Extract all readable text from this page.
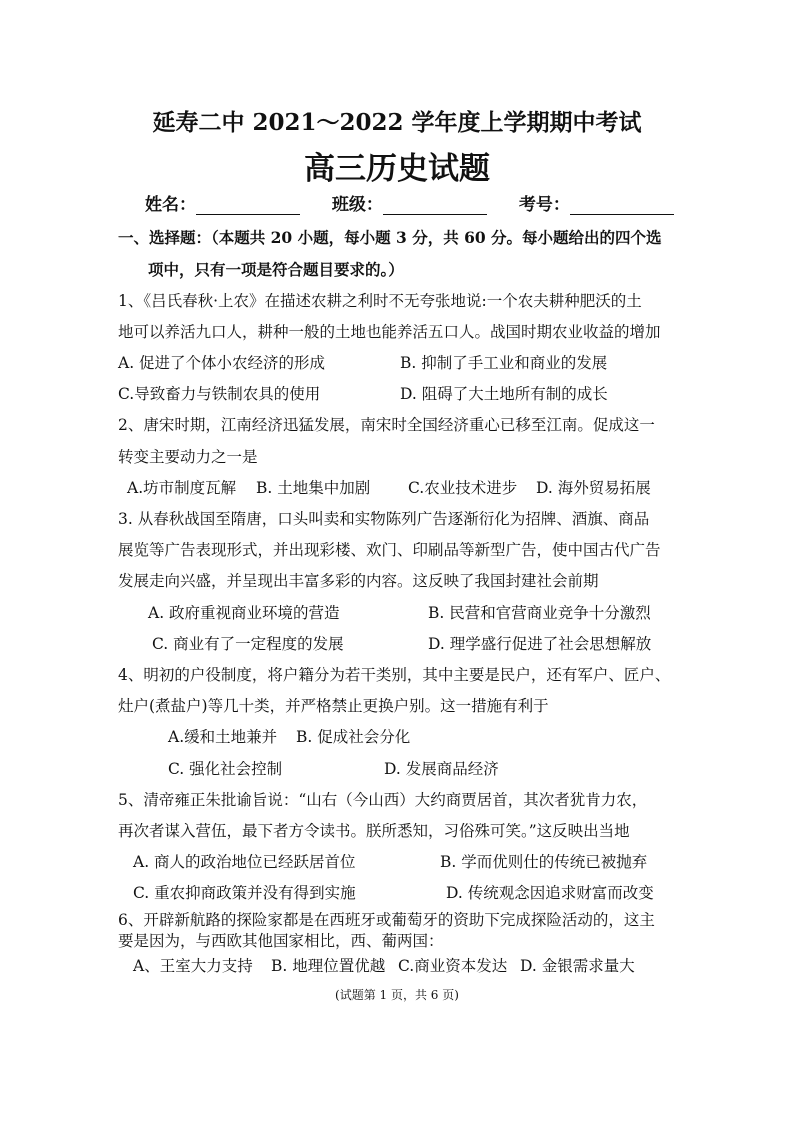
延寿二中 2021～2022 学年度上学期期中考试
高三历史试题
姓名：	班级：	考号：
一、选择题：（本题共 20 小题，每小题 3 分，共 60 分。每小题给出的四个选
项中，只有一项是符合题目要求的。）
1、《吕氏春秋·上农》在描述农耕之利时不无夸张地说:一个农夫耕种肥沃的土
地可以养活九口人，耕种一般的土地也能养活五口人。战国时期农业收益的增加
A. 促进了个体小农经济的形成	B. 抑制了手工业和商业的发展
C.导致畜力与铁制农具的使用	D. 阻碍了大土地所有制的成长
2、唐宋时期，江南经济迅猛发展，南宋时全国经济重心已移至江南。促成这一
转变主要动力之一是
A.坊市制度瓦解 B. 土地集中加剧 C.农业技术进步 D. 海外贸易拓展
3. 从春秋战国至隋唐，口头叫卖和实物陈列广告逐渐衍化为招牌、酒旗、商品
展览等广告表现形式，并出现彩楼、欢门、印刷品等新型广告，使中国古代广告
发展走向兴盛，并呈现出丰富多彩的内容。这反映了我国封建社会前期
A. 政府重视商业环境的营造	B. 民营和官营商业竞争十分激烈
C. 商业有了一定程度的发展	D. 理学盛行促进了社会思想解放
4、明初的户役制度，将户籍分为若干类别，其中主要是民户，还有军户、匠户、
灶户(煮盐户)等几十类，并严格禁止更换户别。这一措施有利于
A.缓和土地兼并 B. 促成社会分化
C. 强化社会控制	D. 发展商品经济
5、清帝雍正朱批谕旨说：“山右（今山西）大约商贾居首，其次者犹肯力农，
再次者谋入营伍，最下者方令读书。朕所悉知，习俗殊可笑。”这反映出当地
A. 商人的政治地位已经跃居首位	B. 学而优则仕的传统已被抛弃
C. 重农抑商政策并没有得到实施	D. 传统观念因追求财富而改变
6、开辟新航路的探险家都是在西班牙或葡萄牙的资助下完成探险活动的，这主
要是因为，与西欧其他国家相比，西、葡两国：
A、王室大力支持 B. 地理位置优越 C.商业资本发达 D. 金银需求量大
(试题第 1 页，共 6 页)
